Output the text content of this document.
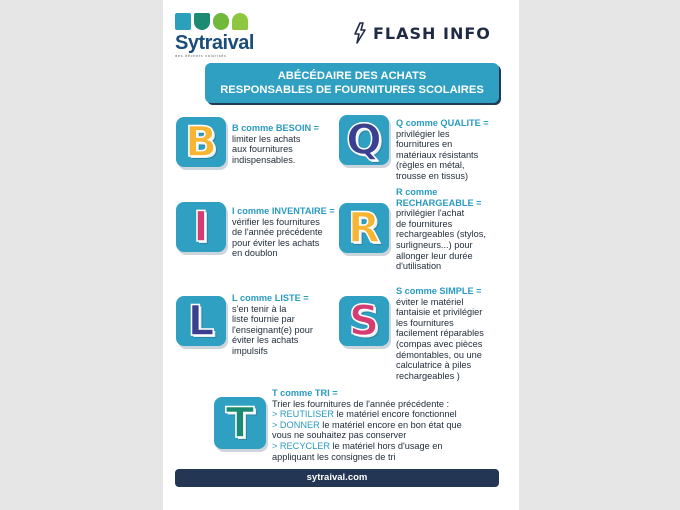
Sytraival
des déchets valorisés
FLASH INFO
ABÉCÉDAIRE DES ACHATS
RESPONSABLES DE FOURNITURES SCOLAIRES
B B comme BESOIN =
limiter les achats
aux fournitures
indispensables.
I	I comme INVENTAIRE =
vérifier les fournitures
de l'année précédente
pour éviter les achats
en doublon
L L comme LISTE =
s'en tenir à la
liste fournie par
l'enseignant(e) pour
éviter les achats
impulsifs
Q Q comme QUALITE =
privilégier les
fournitures en
matériaux résistants
(règles en métal,
trousse en tissus)
R
R comme
RECHARGEABLE =
privilégier l'achat
de fournitures
rechargeables (stylos,
surligneurs...) pour
allonger leur durée
d'utilisation
S
S comme SIMPLE =
éviter le matériel
fantaisie et privilégier
les fournitures
facilement réparables
(compas avec pièces
démontables, ou une
calculatrice à piles
rechargeables )
T
T comme TRI =
Trier les fournitures de l'année précédente :
> REUTILISER le matériel encore fonctionnel
> DONNER le matériel encore en bon état que
vous ne souhaitez pas conserver
> RECYCLER le matériel hors d'usage en
appliquant les consignes de tri
sytraival.com
